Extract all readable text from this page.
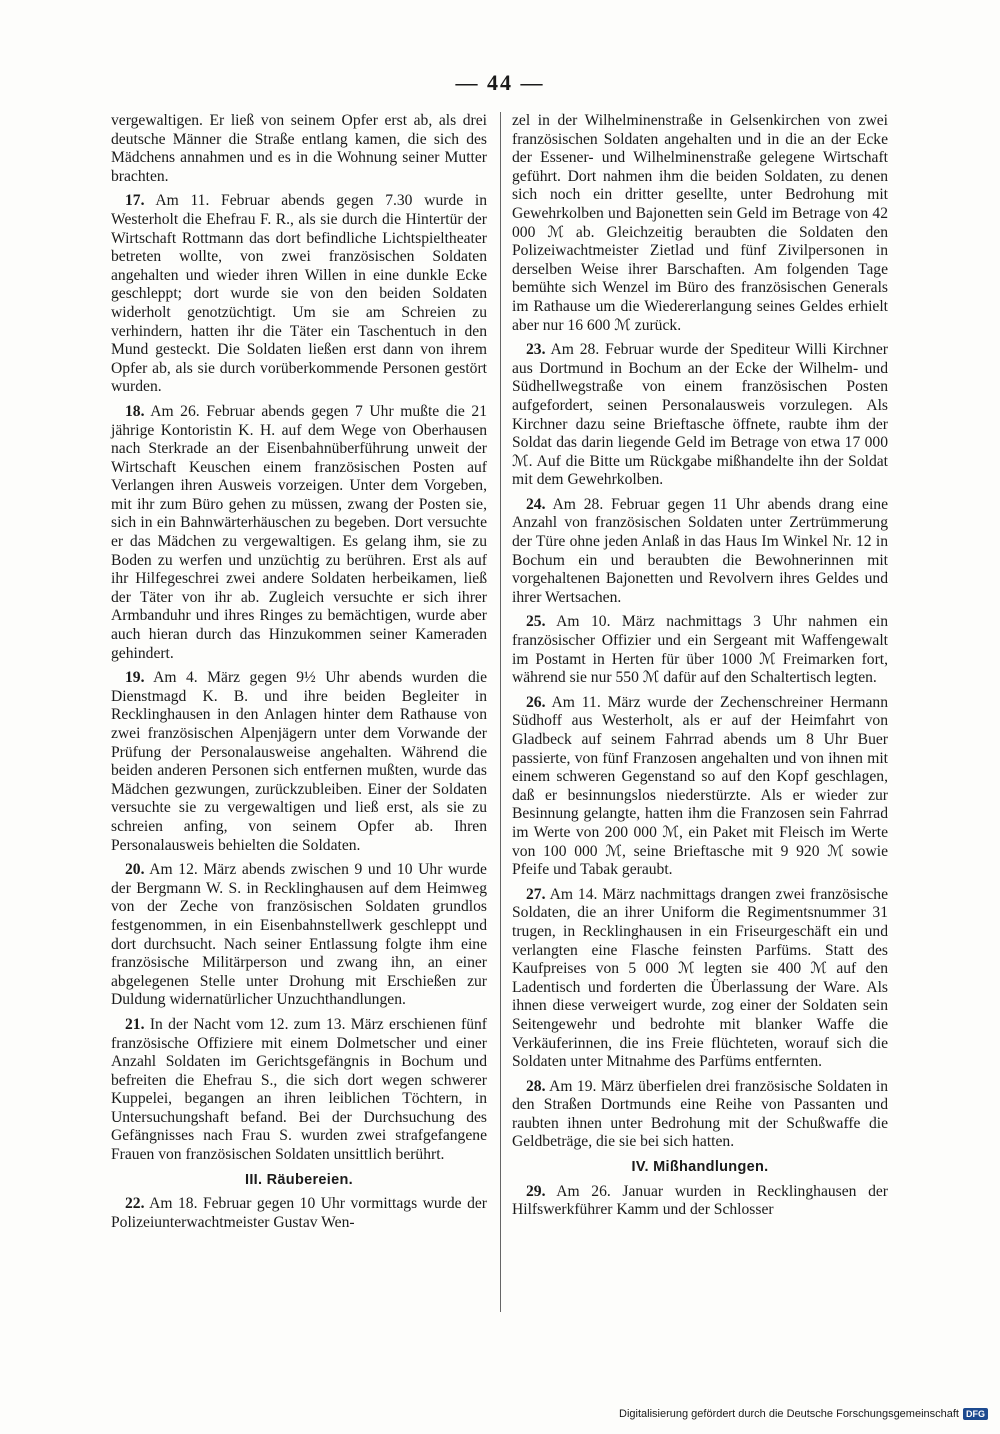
— 44 —

vergewaltigen. Er ließ von seinem Opfer erst ab, als drei deutsche Männer die Straße entlang kamen, die sich des Mädchens annahmen und es in die Wohnung seiner Mutter brachten.

17. Am 11. Februar abends gegen 7.30 wurde in Westerholt die Ehefrau F. R., als sie durch die Hintertür der Wirtschaft Rottmann das dort befindliche Lichtspieltheater betreten wollte, von zwei französischen Soldaten angehalten und wieder ihren Willen in eine dunkle Ecke geschleppt; dort wurde sie von den beiden Soldaten widerholt genotzüchtigt. Um sie am Schreien zu verhindern, hatten ihr die Täter ein Taschentuch in den Mund gesteckt. Die Soldaten ließen erst dann von ihrem Opfer ab, als sie durch vorüberkommende Personen gestört wurden.

18. Am 26. Februar abends gegen 7 Uhr mußte die 21 jährige Kontoristin K. H. auf dem Wege von Oberhausen nach Sterkrade an der Eisenbahnüberführung unweit der Wirtschaft Keuschen einem französischen Posten auf Verlangen ihren Ausweis vorzeigen. Unter dem Vorgeben, mit ihr zum Büro gehen zu müssen, zwang der Posten sie, sich in ein Bahnwärterhäuschen zu begeben. Dort versuchte er das Mädchen zu vergewaltigen. Es gelang ihm, sie zu Boden zu werfen und unzüchtig zu berühren. Erst als auf ihr Hilfegeschrei zwei andere Soldaten herbeikamen, ließ der Täter von ihr ab. Zugleich versuchte er sich ihrer Armbanduhr und ihres Ringes zu bemächtigen, wurde aber auch hieran durch das Hinzukommen seiner Kameraden gehindert.

19. Am 4. März gegen 9½ Uhr abends wurden die Dienstmagd K. B. und ihre beiden Begleiter in Recklinghausen in den Anlagen hinter dem Rathause von zwei französischen Alpenjägern unter dem Vorwande der Prüfung der Personalausweise angehalten. Während die beiden anderen Personen sich entfernen mußten, wurde das Mädchen gezwungen, zurückzubleiben. Einer der Soldaten versuchte sie zu vergewaltigen und ließ erst, als sie zu schreien anfing, von seinem Opfer ab. Ihren Personalausweis behielten die Soldaten.

20. Am 12. März abends zwischen 9 und 10 Uhr wurde der Bergmann W. S. in Recklinghausen auf dem Heimweg von der Zeche von französischen Soldaten grundlos festgenommen, in ein Eisenbahnstellwerk geschleppt und dort durchsucht. Nach seiner Entlassung folgte ihm eine französische Militärperson und zwang ihn, an einer abgelegenen Stelle unter Drohung mit Erschießen zur Duldung widernatürlicher Unzuchthandlungen.

21. In der Nacht vom 12. zum 13. März erschienen fünf französische Offiziere mit einem Dolmetscher und einer Anzahl Soldaten im Gerichtsgefängnis in Bochum und befreiten die Ehefrau S., die sich dort wegen schwerer Kuppelei, begangen an ihren leiblichen Töchtern, in Untersuchungshaft befand. Bei der Durchsuchung des Gefängnisses nach Frau S. wurden zwei strafgefangene Frauen von französischen Soldaten unsittlich berührt.

III. Räubereien.

22. Am 18. Februar gegen 10 Uhr vormittags wurde der Polizeiunterwachtmeister Gustav Wen-

zel in der Wilhelminenstraße in Gelsenkirchen von zwei französischen Soldaten angehalten und in die an der Ecke der Essener- und Wilhelminenstraße gelegene Wirtschaft geführt. Dort nahmen ihm die beiden Soldaten, zu denen sich noch ein dritter gesellte, unter Bedrohung mit Gewehrkolben und Bajonetten sein Geld im Betrage von 42 000 ℳ ab. Gleichzeitig beraubten die Soldaten den Polizeiwachtmeister Zietlad und fünf Zivilpersonen in derselben Weise ihrer Barschaften. Am folgenden Tage bemühte sich Wenzel im Büro des französischen Generals im Rathause um die Wiedererlangung seines Geldes erhielt aber nur 16 600 ℳ zurück.

23. Am 28. Februar wurde der Spediteur Willi Kirchner aus Dortmund in Bochum an der Ecke der Wilhelm- und Südhellwegstraße von einem französischen Posten aufgefordert, seinen Personalausweis vorzulegen. Als Kirchner dazu seine Brieftasche öffnete, raubte ihm der Soldat das darin liegende Geld im Betrage von etwa 17 000 ℳ. Auf die Bitte um Rückgabe mißhandelte ihn der Soldat mit dem Gewehrkolben.

24. Am 28. Februar gegen 11 Uhr abends drang eine Anzahl von französischen Soldaten unter Zertrümmerung der Türe ohne jeden Anlaß in das Haus Im Winkel Nr. 12 in Bochum ein und beraubten die Bewohnerinnen mit vorgehaltenen Bajonetten und Revolvern ihres Geldes und ihrer Wertsachen.

25. Am 10. März nachmittags 3 Uhr nahmen ein französischer Offizier und ein Sergeant mit Waffengewalt im Postamt in Herten für über 1000 ℳ Freimarken fort, während sie nur 550 ℳ dafür auf den Schaltertisch legten.

26. Am 11. März wurde der Zechenschreiner Hermann Südhoff aus Westerholt, als er auf der Heimfahrt von Gladbeck auf seinem Fahrrad abends um 8 Uhr Buer passierte, von fünf Franzosen angehalten und von ihnen mit einem schweren Gegenstand so auf den Kopf geschlagen, daß er besinnungslos niederstürzte. Als er wieder zur Besinnung gelangte, hatten ihm die Franzosen sein Fahrrad im Werte von 200 000 ℳ, ein Paket mit Fleisch im Werte von 100 000 ℳ, seine Brieftasche mit 9 920 ℳ sowie Pfeife und Tabak geraubt.

27. Am 14. März nachmittags drangen zwei französische Soldaten, die an ihrer Uniform die Regimentsnummer 31 trugen, in Recklinghausen in ein Friseurgeschäft ein und verlangten eine Flasche feinsten Parfüms. Statt des Kaufpreises von 5 000 ℳ legten sie 400 ℳ auf den Ladentisch und forderten die Überlassung der Ware. Als ihnen diese verweigert wurde, zog einer der Soldaten sein Seitengewehr und bedrohte mit blanker Waffe die Verkäuferinnen, die ins Freie flüchteten, worauf sich die Soldaten unter Mitnahme des Parfüms entfernten.

28. Am 19. März überfielen drei französische Soldaten in den Straßen Dortmunds eine Reihe von Passanten und raubten ihnen unter Bedrohung mit der Schußwaffe die Geldbeträge, die sie bei sich hatten.

IV. Mißhandlungen.

29. Am 26. Januar wurden in Recklinghausen der Hilfswerkführer Kamm und der Schlosser

Digitalisierung gefördert durch die Deutsche Forschungsgemeinschaft DFG
